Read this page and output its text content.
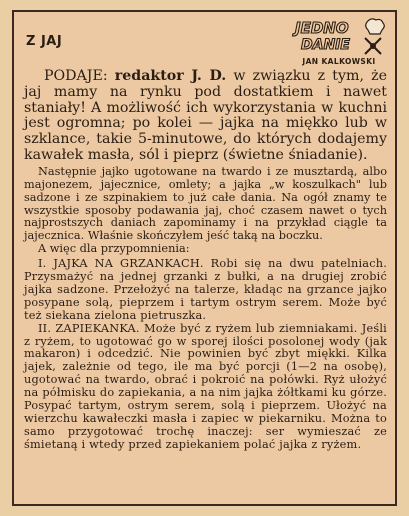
Z JAJ
JEDNO
DANIE
JAN KALKOWSKI

PODAJE: redaktor J. D. w związku z tym, że jaj mamy na rynku pod dostatkiem i nawet staniały! A możliwość ich wykorzystania w kuchni jest ogromna; po kolei — jajka na miękko lub w szklance, takie 5-minutowe, do których dodajemy kawałek masła, sól i pieprz (świetne śniadanie).

Następnie jajko ugotowane na twardo i ze musztardą, albo majonezem, jajecznice, omlety; a jajka „w koszulkach" lub sadzone i ze szpinakiem to już całe dania. Na ogół znamy te wszystkie sposoby podawania jaj, choć czasem nawet o tych najprostszych daniach zapominamy i na przykład ciągle ta jajecznica. Właśnie skończyłem jeść taką na boczku.

A więc dla przypomnienia:

I. JAJKA NA GRZANKACH. Robi się na dwu patelniach. Przysmażyć na jednej grzanki z bułki, a na drugiej zrobić jajka sadzone. Przełożyć na talerze, kładąc na grzance jajko posypane solą, pieprzem i tartym ostrym serem. Może być też siekana zielona pietruszka.

II. ZAPIEKANKA. Może być z ryżem lub ziemniakami. Jeśli z ryżem, to ugotować go w sporej ilości posolonej wody (jak makaron) i odcedzić. Nie powinien być zbyt miękki. Kilka jajek, zależnie od tego, ile ma być porcji (1—2 na osobę), ugotować na twardo, obrać i pokroić na połówki. Ryż ułożyć na półmisku do zapiekania, a na nim jajka żółtkami ku górze. Posypać tartym, ostrym serem, solą i pieprzem. Ułożyć na wierzchu kawałeczki masła i zapiec w piekarniku. Można to samo przygotować trochę inaczej: ser wymieszać ze śmietaną i wtedy przed zapiekaniem polać jajka z ryżem.
